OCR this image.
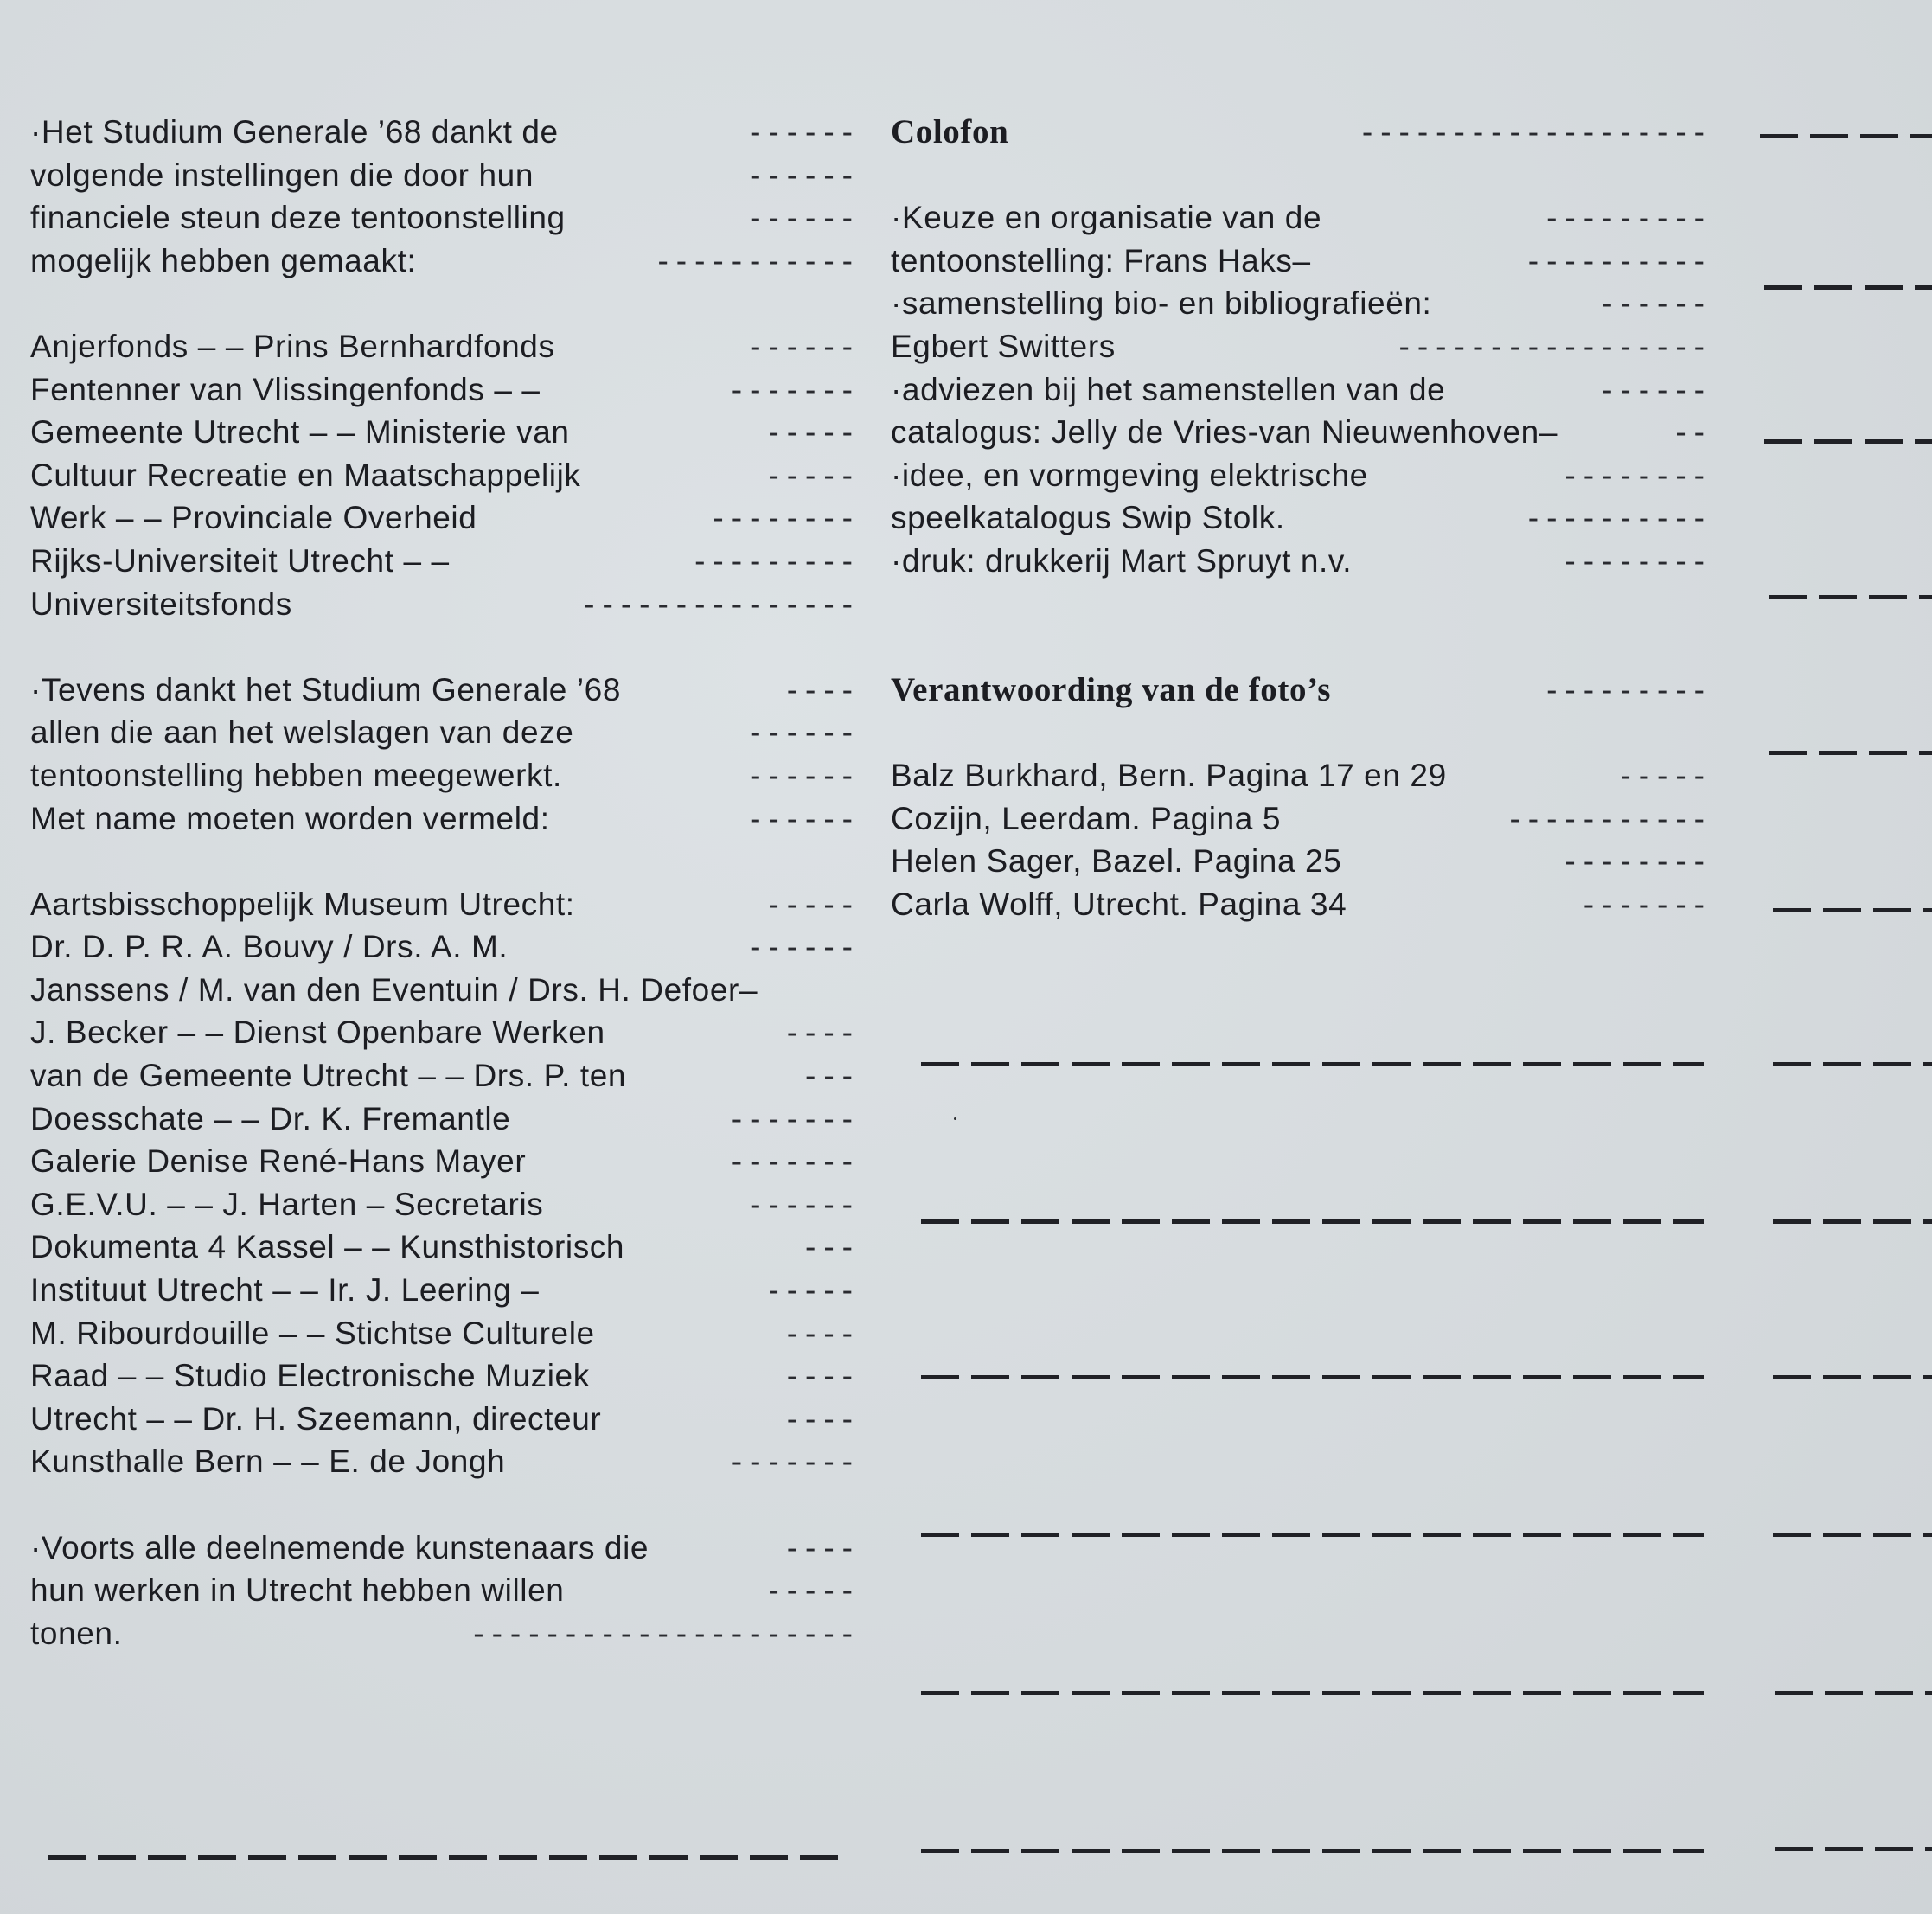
·Het Studium Generale ’68 dankt de	------
volgende instellingen die door hun	------
financiele steun deze tentoonstelling	------
mogelijk hebben gemaakt:	-----------
Anjerfonds – – Prins Bernhardfonds	------
Fentenner van Vlissingenfonds – –	-------
Gemeente Utrecht – – Ministerie van	-----
Cultuur Recreatie en Maatschappelijk	-----
Werk – – Provinciale Overheid	--------
Rijks-Universiteit Utrecht – –	---------
Universiteitsfonds	---------------
·Tevens dankt het Studium Generale ’68	----
allen die aan het welslagen van deze	------
tentoonstelling hebben meegewerkt.	------
Met name moeten worden vermeld:	------
Aartsbisschoppelijk Museum Utrecht:	-----
Dr. D. P. R. A. Bouvy / Drs. A. M.	------
Janssens / M. van den Eventuin / Drs. H. Defoer–
J. Becker – – Dienst Openbare Werken	----
van de Gemeente Utrecht – – Drs. P. ten	---
Doesschate – – Dr. K. Fremantle	-------
Galerie Denise René-Hans Mayer	-------
G.E.V.U. – – J. Harten – Secretaris	------
Dokumenta 4 Kassel – – Kunsthistorisch	---
Instituut Utrecht – – Ir. J. Leering –	-----
M. Ribourdouille – – Stichtse Culturele	----
Raad – – Studio Electronische Muziek	----
Utrecht – – Dr. H. Szeemann, directeur	----
Kunsthalle Bern – – E. de Jongh	-------
·Voorts alle deelnemende kunstenaars die	----
hun werken in Utrecht hebben willen	-----
tonen.	---------------------
Colofon	-------------------
·Keuze en organisatie van de	---------
tentoonstelling: Frans Haks–	----------
·samenstelling bio- en bibliografieën:	------
Egbert Switters	-----------------
·adviezen bij het samenstellen van de	------
catalogus: Jelly de Vries-van Nieuwenhoven–	--
·idee, en vormgeving elektrische	--------
speelkatalogus Swip Stolk.	----------
·druk: drukkerij Mart Spruyt n.v.	--------
Verantwoording van de foto’s	---------
Balz Burkhard, Bern. Pagina 17 en 29	-----
Cozijn, Leerdam. Pagina 5	-----------
Helen Sager, Bazel. Pagina 25	--------
Carla Wolff, Utrecht. Pagina 34	-------
